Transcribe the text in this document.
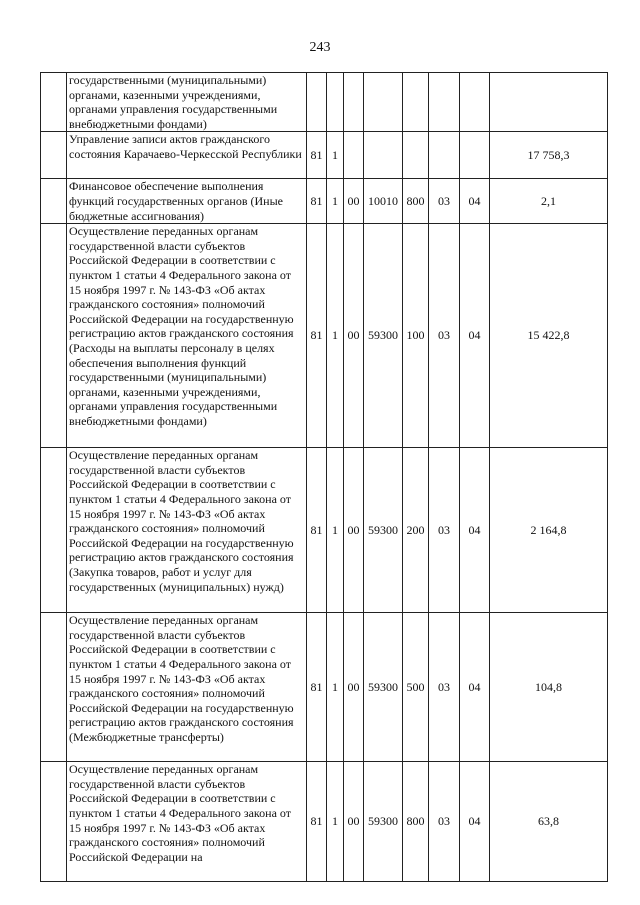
243
	государственными (муниципальными) органами, казенными учреждениями, органами управления государственными внебюджетными фондами)								
	Управление записи актов гражданского состояния Карачаево-Черкесской Республики	81	1						17 758,3
	Финансовое обеспечение выполнения функций государственных органов (Иные бюджетные ассигнования)	81	1	00	10010	800	03	04	2,1
	Осуществление переданных органам государственной власти субъектов Российской Федерации в соответствии с пунктом 1 статьи 4 Федерального закона от 15 ноября 1997 г. № 143-ФЗ «Об актах гражданского состояния» полномочий Российской Федерации на государственную регистрацию актов гражданского состояния (Расходы на выплаты персоналу в целях обеспечения выполнения функций государственными (муниципальными) органами, казенными учреждениями, органами управления государственными внебюджетными фондами)	81	1	00	59300	100	03	04	15 422,8
	Осуществление переданных органам государственной власти субъектов Российской Федерации в соответствии с пунктом 1 статьи 4 Федерального закона от 15 ноября 1997 г. № 143-ФЗ «Об актах гражданского состояния» полномочий Российской Федерации на государственную регистрацию актов гражданского состояния (Закупка товаров, работ и услуг для государственных (муниципальных) нужд)	81	1	00	59300	200	03	04	2 164,8
	Осуществление переданных органам государственной власти субъектов Российской Федерации в соответствии с пунктом 1 статьи 4 Федерального закона от 15 ноября 1997 г. № 143-ФЗ «Об актах гражданского состояния» полномочий Российской Федерации на государственную регистрацию актов гражданского состояния (Межбюджетные трансферты)	81	1	00	59300	500	03	04	104,8
	Осуществление переданных органам государственной власти субъектов Российской Федерации в соответствии с пунктом 1 статьи 4 Федерального закона от 15 ноября 1997 г. № 143-ФЗ «Об актах гражданского состояния» полномочий Российской Федерации на	81	1	00	59300	800	03	04	63,8
